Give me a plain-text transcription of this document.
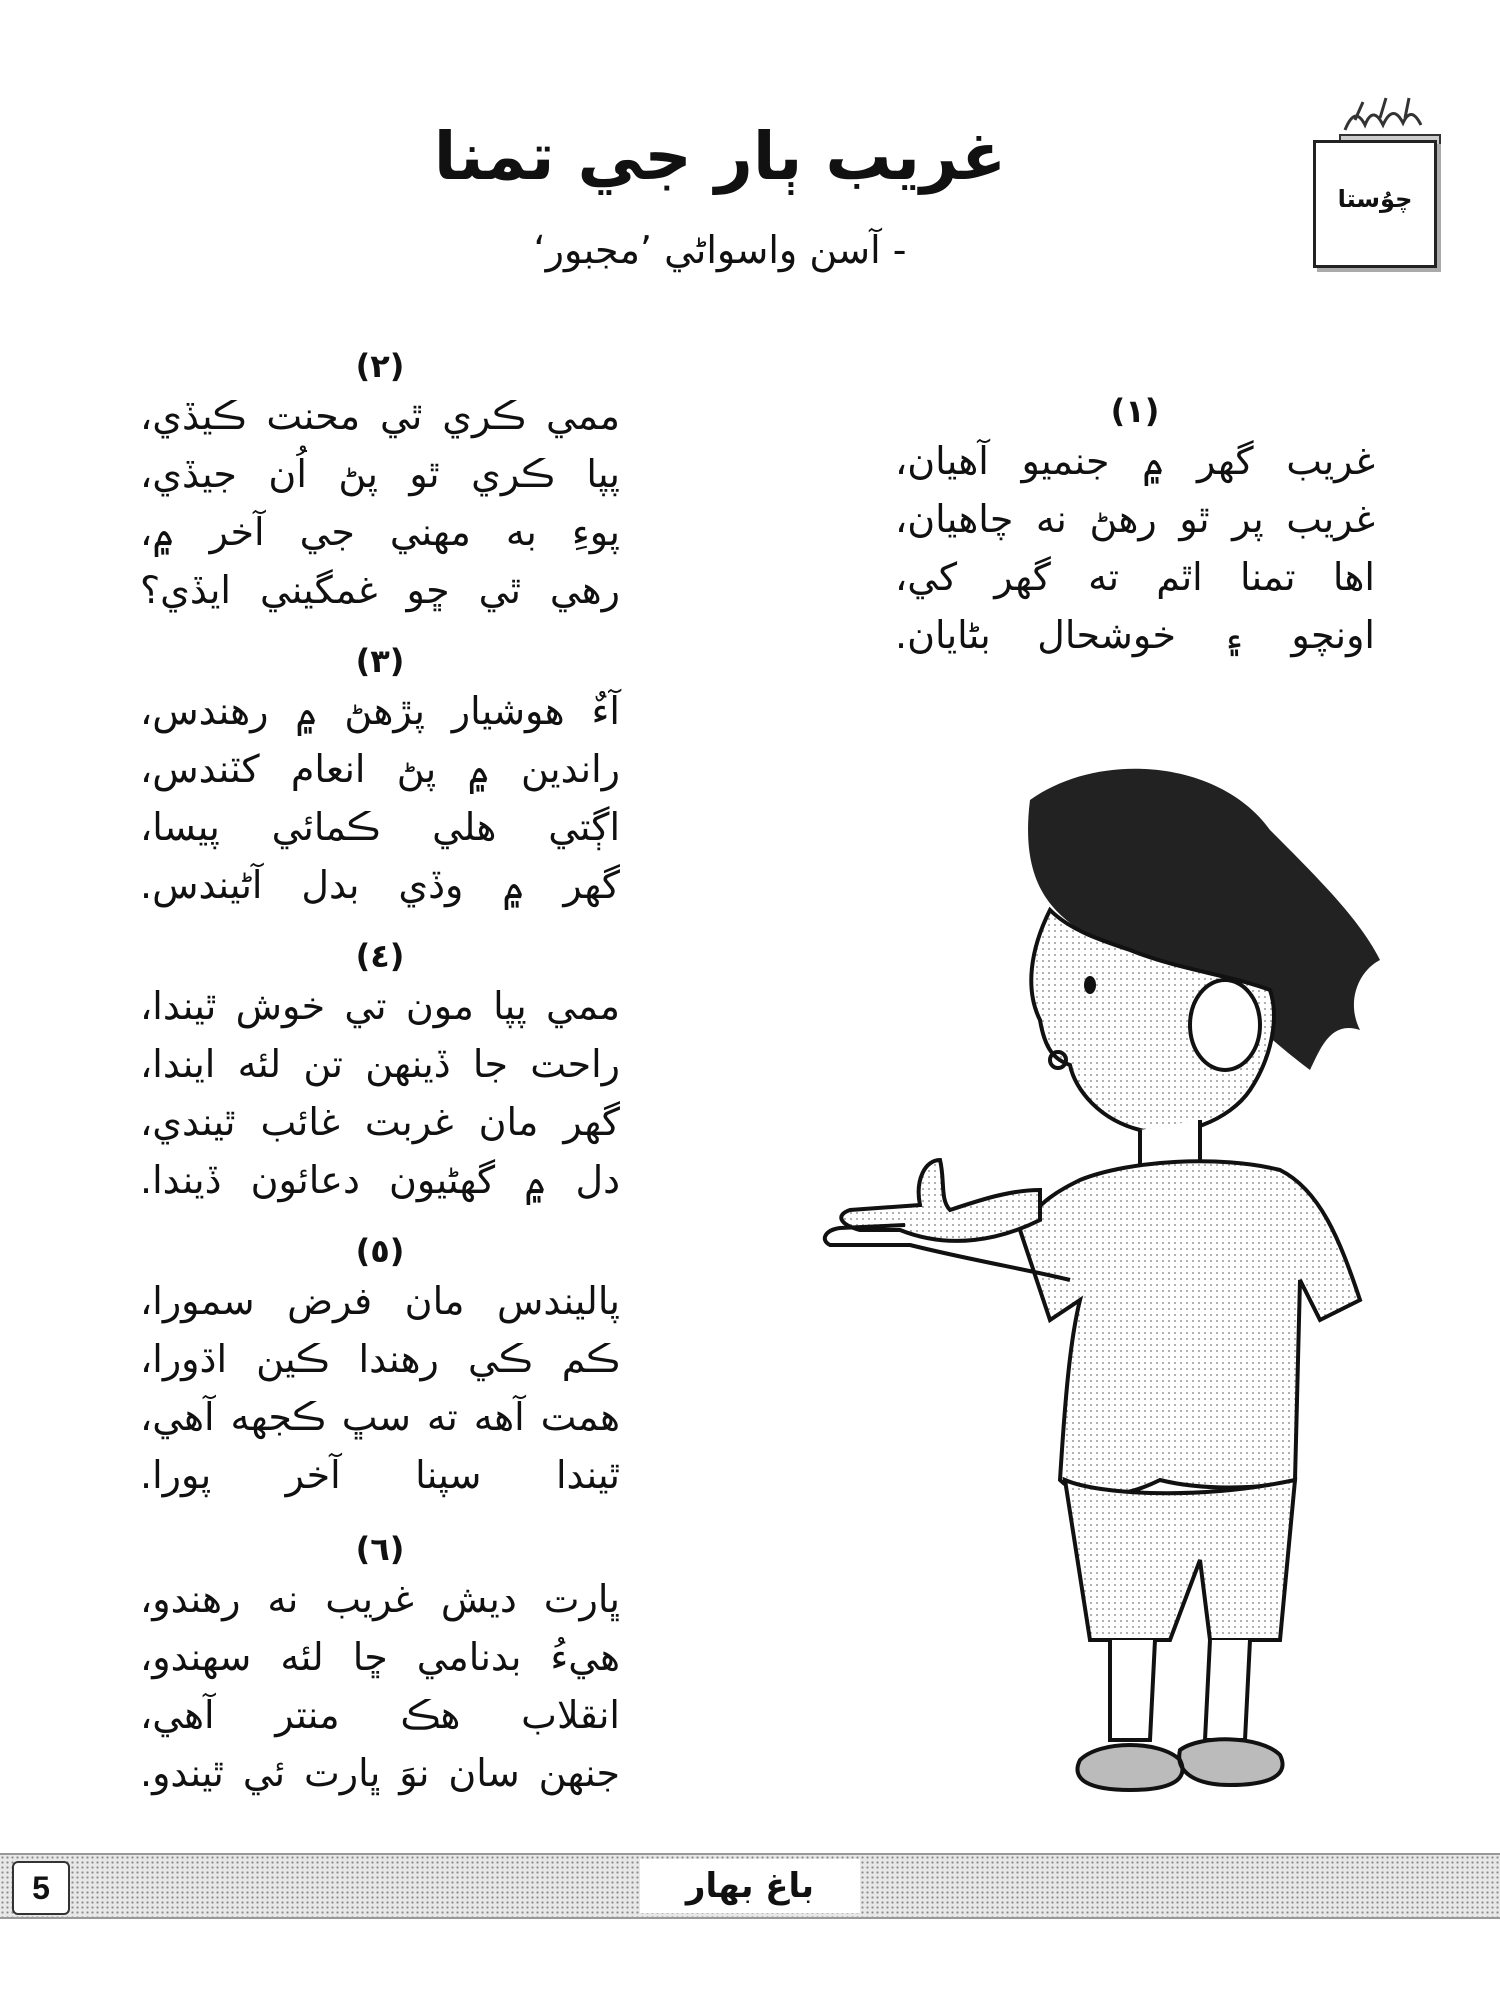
چوُستا
غريب ٻار جي تمنا
- آسن واسواڻي ’مجبور‘
(١)
غريب گهر ۾ جنميو آهيان،
غريب پر ٿو رهڻ نه چاهيان،
اها تمنا اٿم ته گهر کي،
اونچو ۽ خوشحال بڻايان.
(٢)
ممي ڪري ٿي محنت ڪيڏي،
پپا ڪري ٿو پڻ اُن جيڏي،
پوءِ به مهني جي آخر ۾،
رهي ٿي ڇو غمگيني ايڏي؟
(٣)
آءٌ هوشيار پڙهڻ ۾ رهندس،
راندين ۾ پڻ انعام کٽندس،
اڳتي هلي ڪمائي پيسا،
گهر ۾ وڏي بدل آڻيندس.
(٤)
ممي پپا مون تي خوش ٿيندا،
راحت جا ڏينهن تن لئه ايندا،
گهر مان غربت غائب ٿيندي،
دل ۾ گهڻيون دعائون ڏيندا.
(٥)
پاليندس مان فرض سمورا،
ڪم ڪي رهندا ڪين اڌورا،
همت آهه ته سڀ ڪجهه آهي،
ٿيندا سپنا آخر پورا.
(٦)
ڀارت ديش غريب نه رهندو،
هيءُ بدنامي ڇا لئه سهندو،
انقلاب هڪ منتر آهي،
جنهن سان نوَ ڀارت ئي ٿيندو.
5	باغ بهار
